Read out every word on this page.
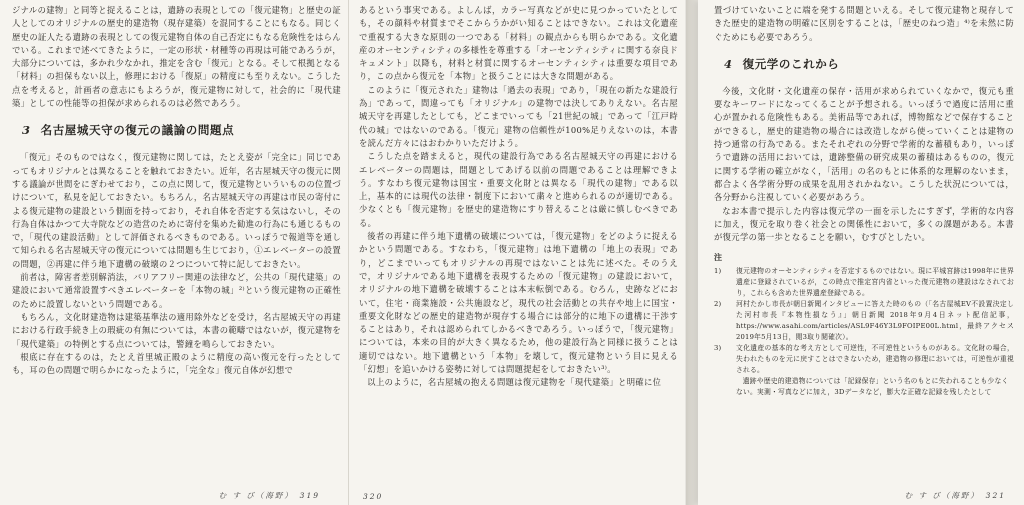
ジナルの建物」と同等と捉えることは，遺跡の表現としての「復元建物」と歴史の証人としてのオリジナルの歴史的建造物（現存建築）を混同することにもなる。同じく歴史の証人たる遺跡の表現としての復元建物自体の自己否定にもなる危険性をはらんでいる。これまで述べてきたように，一定の形状・材種等の再現は可能であろうが，大部分については，多かれ少なかれ，推定を含む「復元」となる。そして根拠となる「材料」の担保もない以上，修理における「復原」の精度にも至りえない。こうした点を考えると，計画者の意志にもよろうが，復元建物に対して，社会的に「現代建築」としての性能等の担保が求められるのは必然であろう。

3 名古屋城天守の復元の議論の問題点

「復元」そのものではなく，復元建物に関しては，たとえ姿が「完全に」同じであってもオリジナルとは異なることを触れておきたい。近年，名古屋城天守の復元に関する議論が世間をにぎわせており，この点に関して，復元建物といういものの位置づけについて，私見を記しておきたい。もちろん，名古屋城天守の再建は市民の寄付による復元建物の建設という側面を持っており，それ自体を否定する気はないし，その行為自体はかつて大寺院などの造営のために寄付を集めた勧進の行為にも通じるもので，「現代の建設活動」として評価されるべきものである。いっぽうで報道等を通して知られる名古屋城天守の復元については問題も生じており，①エレベーターの設置の問題，②再建に伴う地下遺構の破壊の２つについて特に記しておきたい。

前者は，障害者差別解消法，バリアフリー関連の法律など，公共の「現代建築」の建設において通常設置すべきエレベーターを「本物の城」²⁾という復元建物の正確性のために設置しないという問題である。

もちろん，文化財建造物は建築基準法の適用除外などを受け，名古屋城天守の再建における行政手続き上の瑕疵の有無については，本書の範疇ではないが，復元建物を「現代建築」の特例とする点については，警鐘を鳴らしておきたい。

根底に存在するのは，たとえ首里城正殿のように精度の高い復元を行ったとしても，耳の色の問題で明らかになったように，「完全な」復元自体が幻想で

む す び（海野）　319

あるという事実である。よしんば，カラー写真などが史に見つかっていたとしても，その顔料や材質までそこからうかがい知ることはできない。これは文化遺産で重視する大きな原則の一つである「材料」の観点からも明らかである。文化遺産のオーセンティシティの多様性を尊重する「オーセンティシティに関する奈良ドキュメント」以降も，材料と材質に関するオーセンティシティは重要な項目であり，この点から復元を「本物」と扱うことには大きな問題がある。

このように「復元された」建物は「過去の表現」であり，「現在の新たな建設行為」であって，間違っても「オリジナル」の建物では決してありえない。名古屋城天守を再建したとしても，どこまでいっても「21世紀の城」であって「江戸時代の城」ではないのである。「復元」建物の信頼性が100%足りえないのは，本書を読んだ方々にはおわかりいただけよう。

こうした点を踏まえると，現代の建設行為である名古屋城天守の再建におけるエレベーターの問題は，問題としてあげる以前の問題であることは理解できよう。すなわち復元建物は国宝・重要文化財とは異なる「現代の建物」である以上，基本的には現代の法律・制度下において粛々と進められるのが適切である。少なくとも「復元建物」を歴史的建造物にすり替えることは厳に慎しむべきである。

後者の再建に伴う地下遺構の破壊については，「復元建物」をどのように捉えるかという問題である。すなわち，「復元建物」は地下遺構の「地上の表現」であり，どこまでいってもオリジナルの再現ではないことは先に述べた。そのうえで，オリジナルである地下遺構を表現するための「復元建物」の建設において，オリジナルの地下遺構を破壊することは本末転倒である。むろん，史跡などにおいて，住宅・商業施設・公共施設など，現代の社会活動との共存や地上に国宝・重要文化財などの歴史的建造物が現存する場合には部分的に地下の遺構に干渉することはあり，それは認められてしかるべきであろう。いっぽうで，「復元建物」については，本来の目的が大きく異なるため，他の建設行為と同様に扱うことは適切ではない。地下遺構という「本物」を壊して，復元建物という目に見える「幻想」を追いかける姿勢に対しては問題提起をしておきたい³⁾。

以上のように，名古屋城の抱える問題は復元建物を「現代建築」と明確に位

320

置づけていないことに端を発する問題といえる。そして復元建物と現存してきた歴史的建造物の明確に区別をすることは，「歴史のねつ造」⁴⁾を未然に防ぐためにも必要であろう。

4 復元学のこれから

今後，文化財・文化遺産の保存・活用が求められていくなかで，復元も重要なキーワードになってくることが予想される。いっぽうで過度に活用に重心が置かれる危険性もある。美術品等であれば，博物館などで保存することができるし，歴史的建造物の場合には改造しながら使っていくことは建物の持つ通常の行為である。またそれぞれの分野で学術的な蓄積もあり，いっぽうで遺跡の活用においては，遺跡整備の研究成果の蓄積はあるものの，復元に関する学術の確立がなく，「活用」の名のもとに体系的な理解のないまま，都合よく各学術分野の成果を乱用されかねない。こうした状況については，各分野から注視していく必要があろう。

なお本書で提示した内容は復元学の一面を示したにすぎず，学術的な内容に加え，復元を取り巻く社会との関係性において，多くの課題がある。本書が復元学の第一歩となることを願い，むすびとしたい。

注
1)	復元建物のオーセンティシティを否定するものではない。現に平城宮跡は1998年に世界遺産に登録されているが，この時点で推定宮内省といった復元建物の建設はなされており，これらも含めた世界遺産登録である。
2)	河村たかし市長が朝日新聞インタビューに答えた時のもの（「名古屋城EV不設置決定した河村市長『本物性損なう』」朝日新聞 2018年9月4日ネット配信記事，https://www.asahi.com/articles/ASL9F46Y3L9FOIPE00L.html，最終アクセス2019年5月13日，閲3取り閲確次）。
3)	文化遺産の基本的な考え方として可逆性，不可逆性というものがある。文化財の場合，失われたものを元に戻すことはできないため，建造物の修理においては，可逆性が重視される。
遺跡や歴史的建造物については「記録保存」という名のもとに失われることも少なくない。実測・写真などに加え，3Dデータなど，膨大な正確な記録を残したとして
む す び（海野）　321
